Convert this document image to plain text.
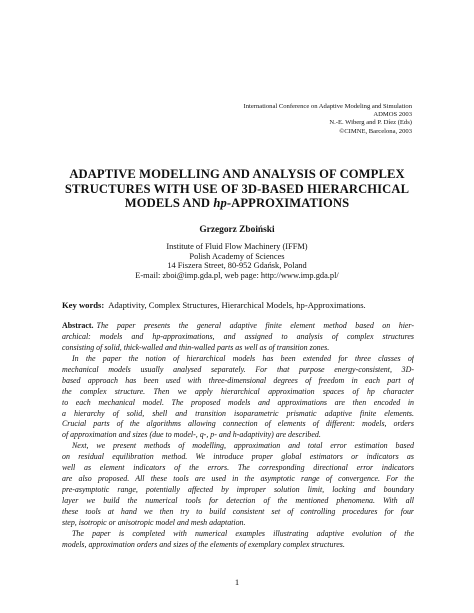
International Conference on Adaptive Modeling and Simulation
ADMOS 2003
N.-E. Wiberg and P. Díez (Eds)
©CIMNE, Barcelona, 2003
ADAPTIVE MODELLING AND ANALYSIS OF COMPLEX
STRUCTURES WITH USE OF 3D-BASED HIERARCHICAL
MODELS AND hp-APPROXIMATIONS
Grzegorz Zboiński
Institute of Fluid Flow Machinery (IFFM)
Polish Academy of Sciences
14 Fiszera Street, 80-952 Gdańsk, Poland
E-mail: zboi@imp.gda.pl, web page: http://www.imp.gda.pl/
Key words: Adaptivity, Complex Structures, Hierarchical Models, hp-Approximations.
Abstract. The paper presents the general adaptive finite element method based on hier-
archical: models and hp-approximations, and assigned to analysis of complex structures
consisting of solid, thick-walled and thin-walled parts as well as of transition zones.
In the paper the notion of hierarchical models has been extended for three classes of
mechanical models usually analysed separately. For that purpose energy-consistent, 3D-
based approach has been used with three-dimensional degrees of freedom in each part of
the complex structure. Then we apply hierarchical approximation spaces of hp character
to each mechanical model. The proposed models and approximations are then encoded in
a hierarchy of solid, shell and transition isoparametric prismatic adaptive finite elements.
Crucial parts of the algorithms allowing connection of elements of different: models, orders
of approximation and sizes (due to model-, q-, p- and h-adaptivity) are described.
Next, we present methods of modelling, approximation and total error estimation based
on residual equilibration method. We introduce proper global estimators or indicators as
well as element indicators of the errors. The corresponding directional error indicators
are also proposed. All these tools are used in the asymptotic range of convergence. For the
pre-asymptotic range, potentially affected by improper solution limit, locking and boundary
layer we build the numerical tools for detection of the mentioned phenomena. With all
these tools at hand we then try to build consistent set of controlling procedures for four
step, isotropic or anisotropic model and mesh adaptation.
The paper is completed with numerical examples illustrating adaptive evolution of the
models, approximation orders and sizes of the elements of exemplary complex structures.
1
